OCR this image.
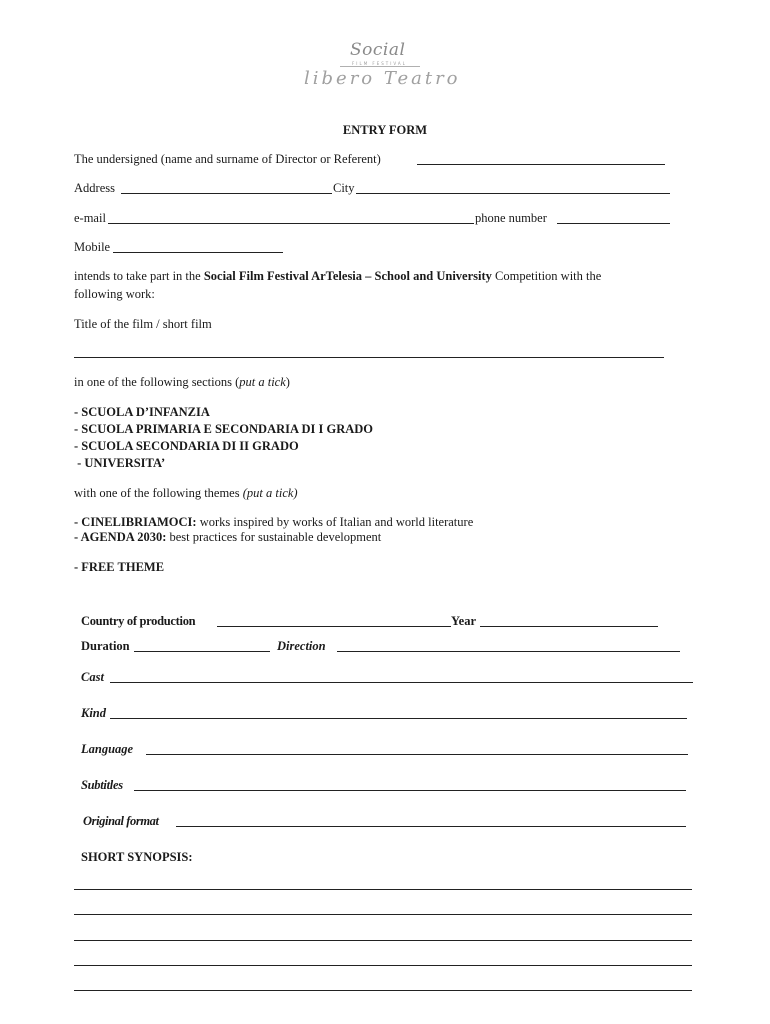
Social
FILM FESTIVAL
libero Teatro
ENTRY FORM
The undersigned (name and surname of Director or Referent)
Address	City
e-mail	phone number
Mobile
intends to take part in the Social Film Festival ArTelesia – School and University Competition with the
following work:
Title of the film / short film
in one of the following sections (put a tick)
- SCUOLA D’INFANZIA
- SCUOLA PRIMARIA E SECONDARIA DI I GRADO
- SCUOLA SECONDARIA DI II GRADO
- UNIVERSITA’
with one of the following themes (put a tick)
- CINELIBRIAMOCI: works inspired by works of Italian and world literature
- AGENDA 2030: best practices for sustainable development
- FREE THEME
Country of production	Year
Duration	Direction
Cast
Kind
Language
Subtitles
Original format
SHORT SYNOPSIS:
